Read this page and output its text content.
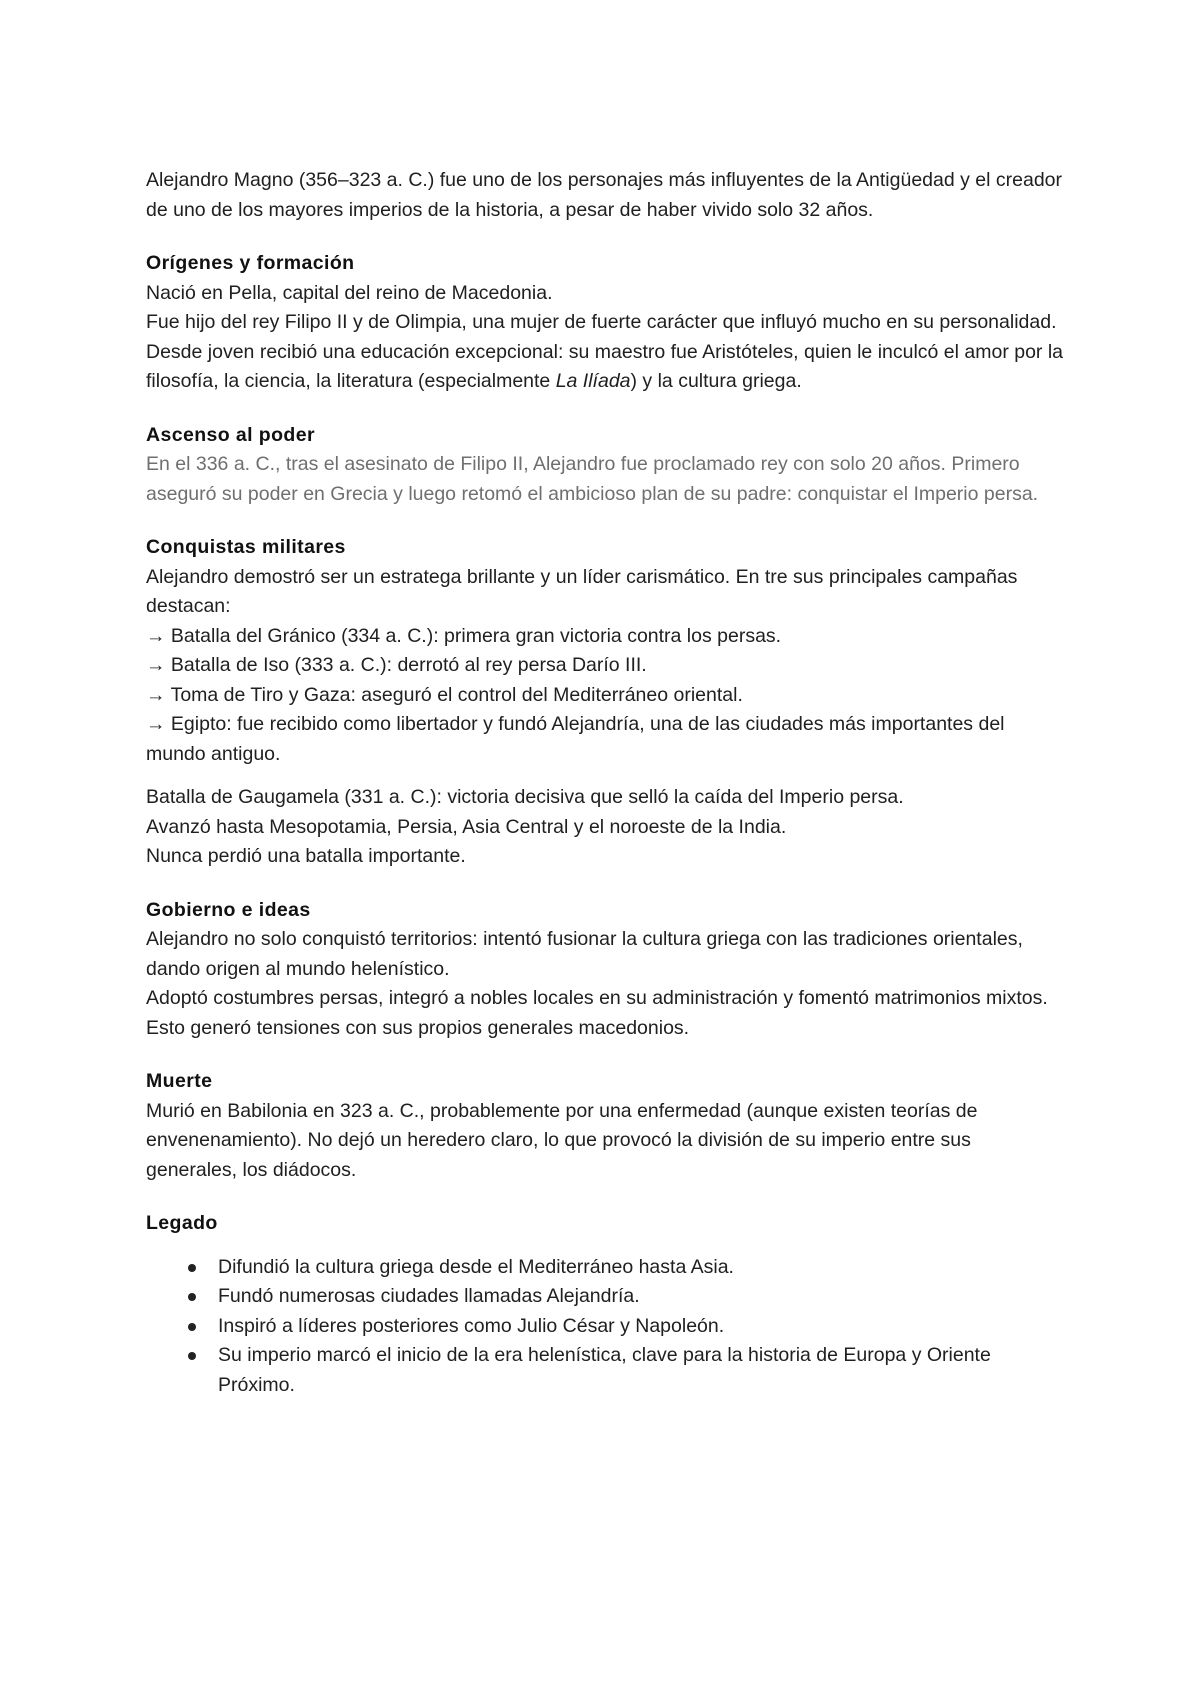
Alejandro Magno (356–323 a. C.) fue uno de los personajes más influyentes de la Antigüedad y el creador de uno de los mayores imperios de la historia, a pesar de haber vivido solo 32 años.

Orígenes y formación

Nació en Pella, capital del reino de Macedonia.

Fue hijo del rey Filipo II y de Olimpia, una mujer de fuerte carácter que influyó mucho en su personalidad. Desde joven recibió una educación excepcional: su maestro fue Aristóteles, quien le inculcó el amor por la filosofía, la ciencia, la literatura (especialmente La Ilíada) y la cultura griega.

Ascenso al poder

En el 336 a. C., tras el asesinato de Filipo II, Alejandro fue proclamado rey con solo 20 años. Primero aseguró su poder en Grecia y luego retomó el ambicioso plan de su padre: conquistar el Imperio persa.

Conquistas militares

Alejandro demostró ser un estratega brillante y un líder carismático. En tre sus principales campañas destacan:

→ Batalla del Gránico (334 a. C.): primera gran victoria contra los persas.

→ Batalla de Iso (333 a. C.): derrotó al rey persa Darío III.

→ Toma de Tiro y Gaza: aseguró el control del Mediterráneo oriental.

→ Egipto: fue recibido como libertador y fundó Alejandría, una de las ciudades más importantes del mundo antiguo.

Batalla de Gaugamela (331 a. C.): victoria decisiva que selló la caída del Imperio persa.

Avanzó hasta Mesopotamia, Persia, Asia Central y el noroeste de la India.

Nunca perdió una batalla importante.

Gobierno e ideas

Alejandro no solo conquistó territorios: intentó fusionar la cultura griega con las tradiciones orientales, dando origen al mundo helenístico.

Adoptó costumbres persas, integró a nobles locales en su administración y fomentó matrimonios mixtos. Esto generó tensiones con sus propios generales macedonios.

Muerte

Murió en Babilonia en 323 a. C., probablemente por una enfermedad (aunque existen teorías de envenenamiento). No dejó un heredero claro, lo que provocó la división de su imperio entre sus generales, los diádocos.

Legado

Difundió la cultura griega desde el Mediterráneo hasta Asia.
Fundó numerosas ciudades llamadas Alejandría.
Inspiró a líderes posteriores como Julio César y Napoleón.
Su imperio marcó el inicio de la era helenística, clave para la historia de Europa y Oriente Próximo.
